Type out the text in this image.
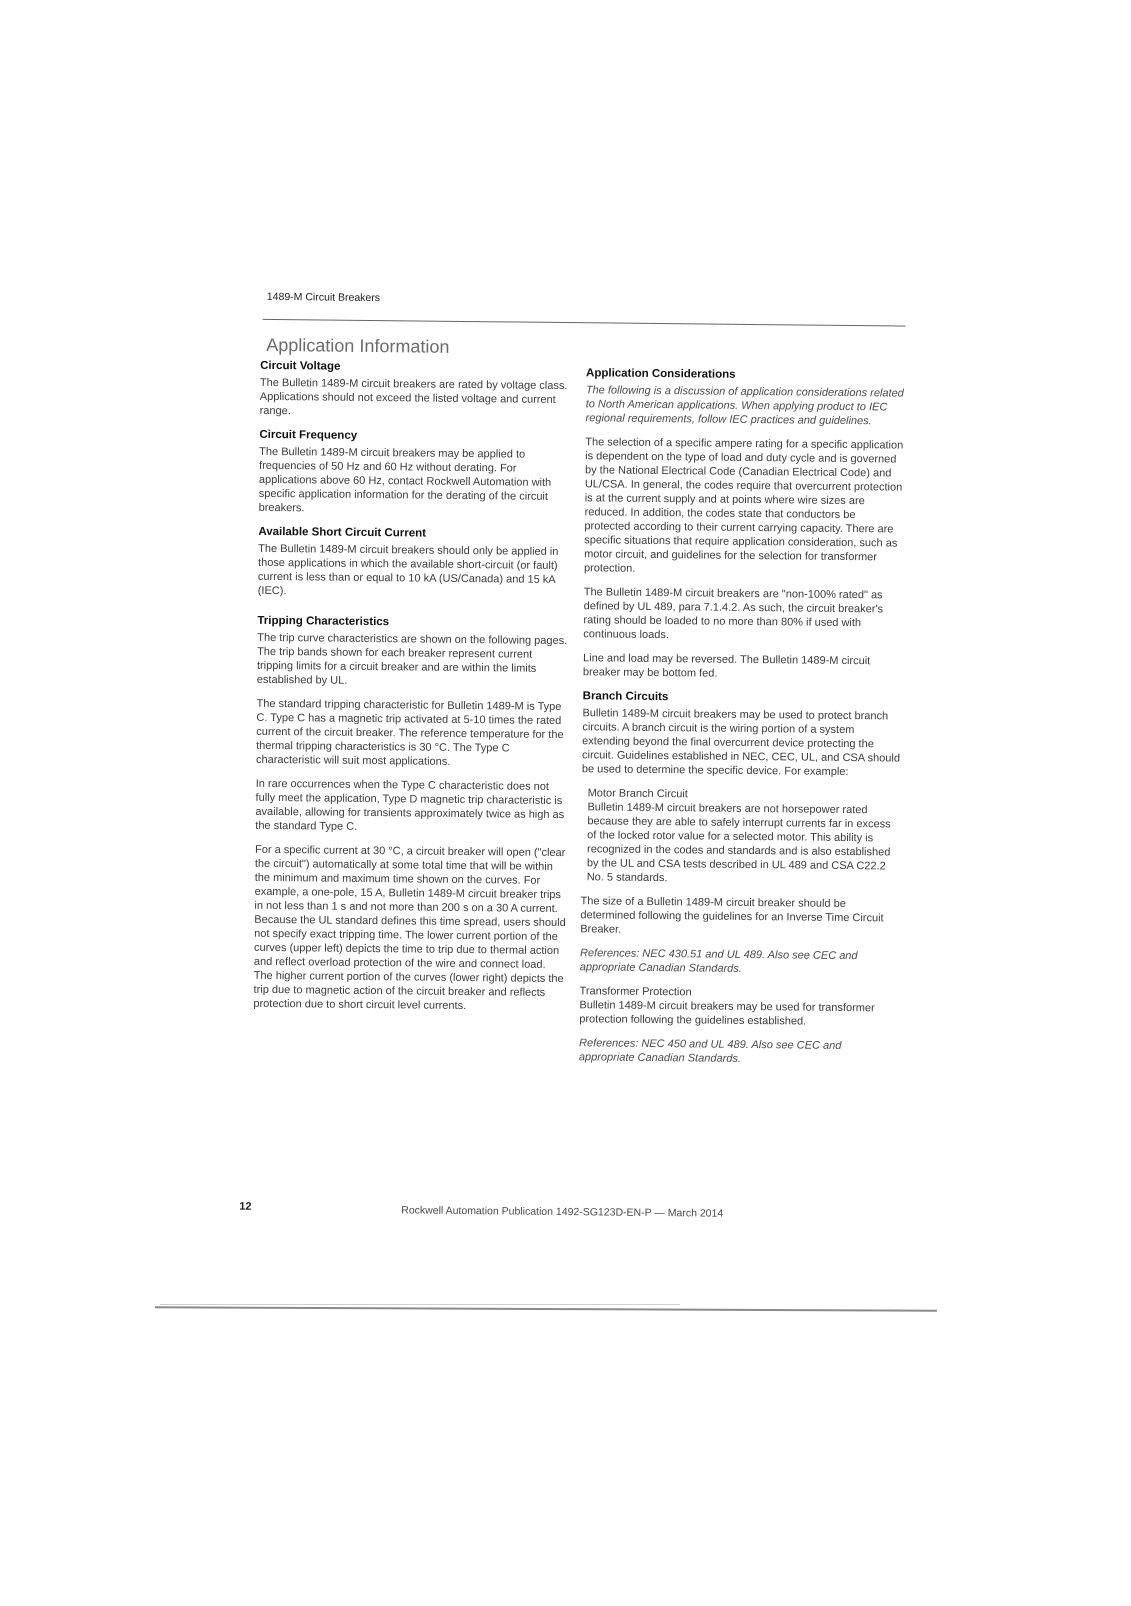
1489-M Circuit Breakers
Application Information
Circuit Voltage

The Bulletin 1489-M circuit breakers are rated by voltage class. Applications should not exceed the listed voltage and current range.

Circuit Frequency

The Bulletin 1489-M circuit breakers may be applied to frequencies of 50 Hz and 60 Hz without derating. For applications above 60 Hz, contact Rockwell Automation with specific application information for the derating of the circuit breakers.

Available Short Circuit Current

The Bulletin 1489-M circuit breakers should only be applied in those applications in which the available short-circuit (or fault) current is less than or equal to 10 kA (US/Canada) and 15 kA (IEC).

Tripping Characteristics

The trip curve characteristics are shown on the following pages. The trip bands shown for each breaker represent current tripping limits for a circuit breaker and are within the limits established by UL.

The standard tripping characteristic for Bulletin 1489-M is Type C. Type C has a magnetic trip activated at 5-10 times the rated current of the circuit breaker. The reference temperature for the thermal tripping characteristics is 30 °C. The Type C characteristic will suit most applications.

In rare occurrences when the Type C characteristic does not fully meet the application, Type D magnetic trip characteristic is available, allowing for transients approximately twice as high as the standard Type C.

For a specific current at 30 °C, a circuit breaker will open ("clear the circuit") automatically at some total time that will be within the minimum and maximum time shown on the curves. For example, a one-pole, 15 A, Bulletin 1489-M circuit breaker trips in not less than 1 s and not more than 200 s on a 30 A current. Because the UL standard defines this time spread, users should not specify exact tripping time. The lower current portion of the curves (upper left) depicts the time to trip due to thermal action and reflect overload protection of the wire and connect load. The higher current portion of the curves (lower right) depicts the trip due to magnetic action of the circuit breaker and reflects protection due to short circuit level currents.

Application Considerations

The following is a discussion of application considerations related to North American applications. When applying product to IEC regional requirements, follow IEC practices and guidelines.

The selection of a specific ampere rating for a specific application is dependent on the type of load and duty cycle and is governed by the National Electrical Code (Canadian Electrical Code) and UL/CSA. In general, the codes require that overcurrent protection is at the current supply and at points where wire sizes are reduced. In addition, the codes state that conductors be protected according to their current carrying capacity. There are specific situations that require application consideration, such as motor circuit, and guidelines for the selection for transformer protection.

The Bulletin 1489-M circuit breakers are "non-100% rated" as defined by UL 489, para 7.1.4.2. As such, the circuit breaker's rating should be loaded to no more than 80% if used with continuous loads.

Line and load may be reversed. The Bulletin 1489-M circuit breaker may be bottom fed.

Branch Circuits

Bulletin 1489-M circuit breakers may be used to protect branch circuits. A branch circuit is the wiring portion of a system extending beyond the final overcurrent device protecting the circuit. Guidelines established in NEC, CEC, UL, and CSA should be used to determine the specific device. For example:

Motor Branch Circuit

Bulletin 1489-M circuit breakers are not horsepower rated because they are able to safely interrupt currents far in excess of the locked rotor value for a selected motor. This ability is recognized in the codes and standards and is also established by the UL and CSA tests described in UL 489 and CSA C22.2 No. 5 standards.

The size of a Bulletin 1489-M circuit breaker should be determined following the guidelines for an Inverse Time Circuit Breaker.

References: NEC 430.51 and UL 489. Also see CEC and appropriate Canadian Standards.

Transformer Protection

Bulletin 1489-M circuit breakers may be used for transformer protection following the guidelines established.

References: NEC 450 and UL 489. Also see CEC and appropriate Canadian Standards.

12	Rockwell Automation Publication 1492-SG123D-EN-P — March 2014
